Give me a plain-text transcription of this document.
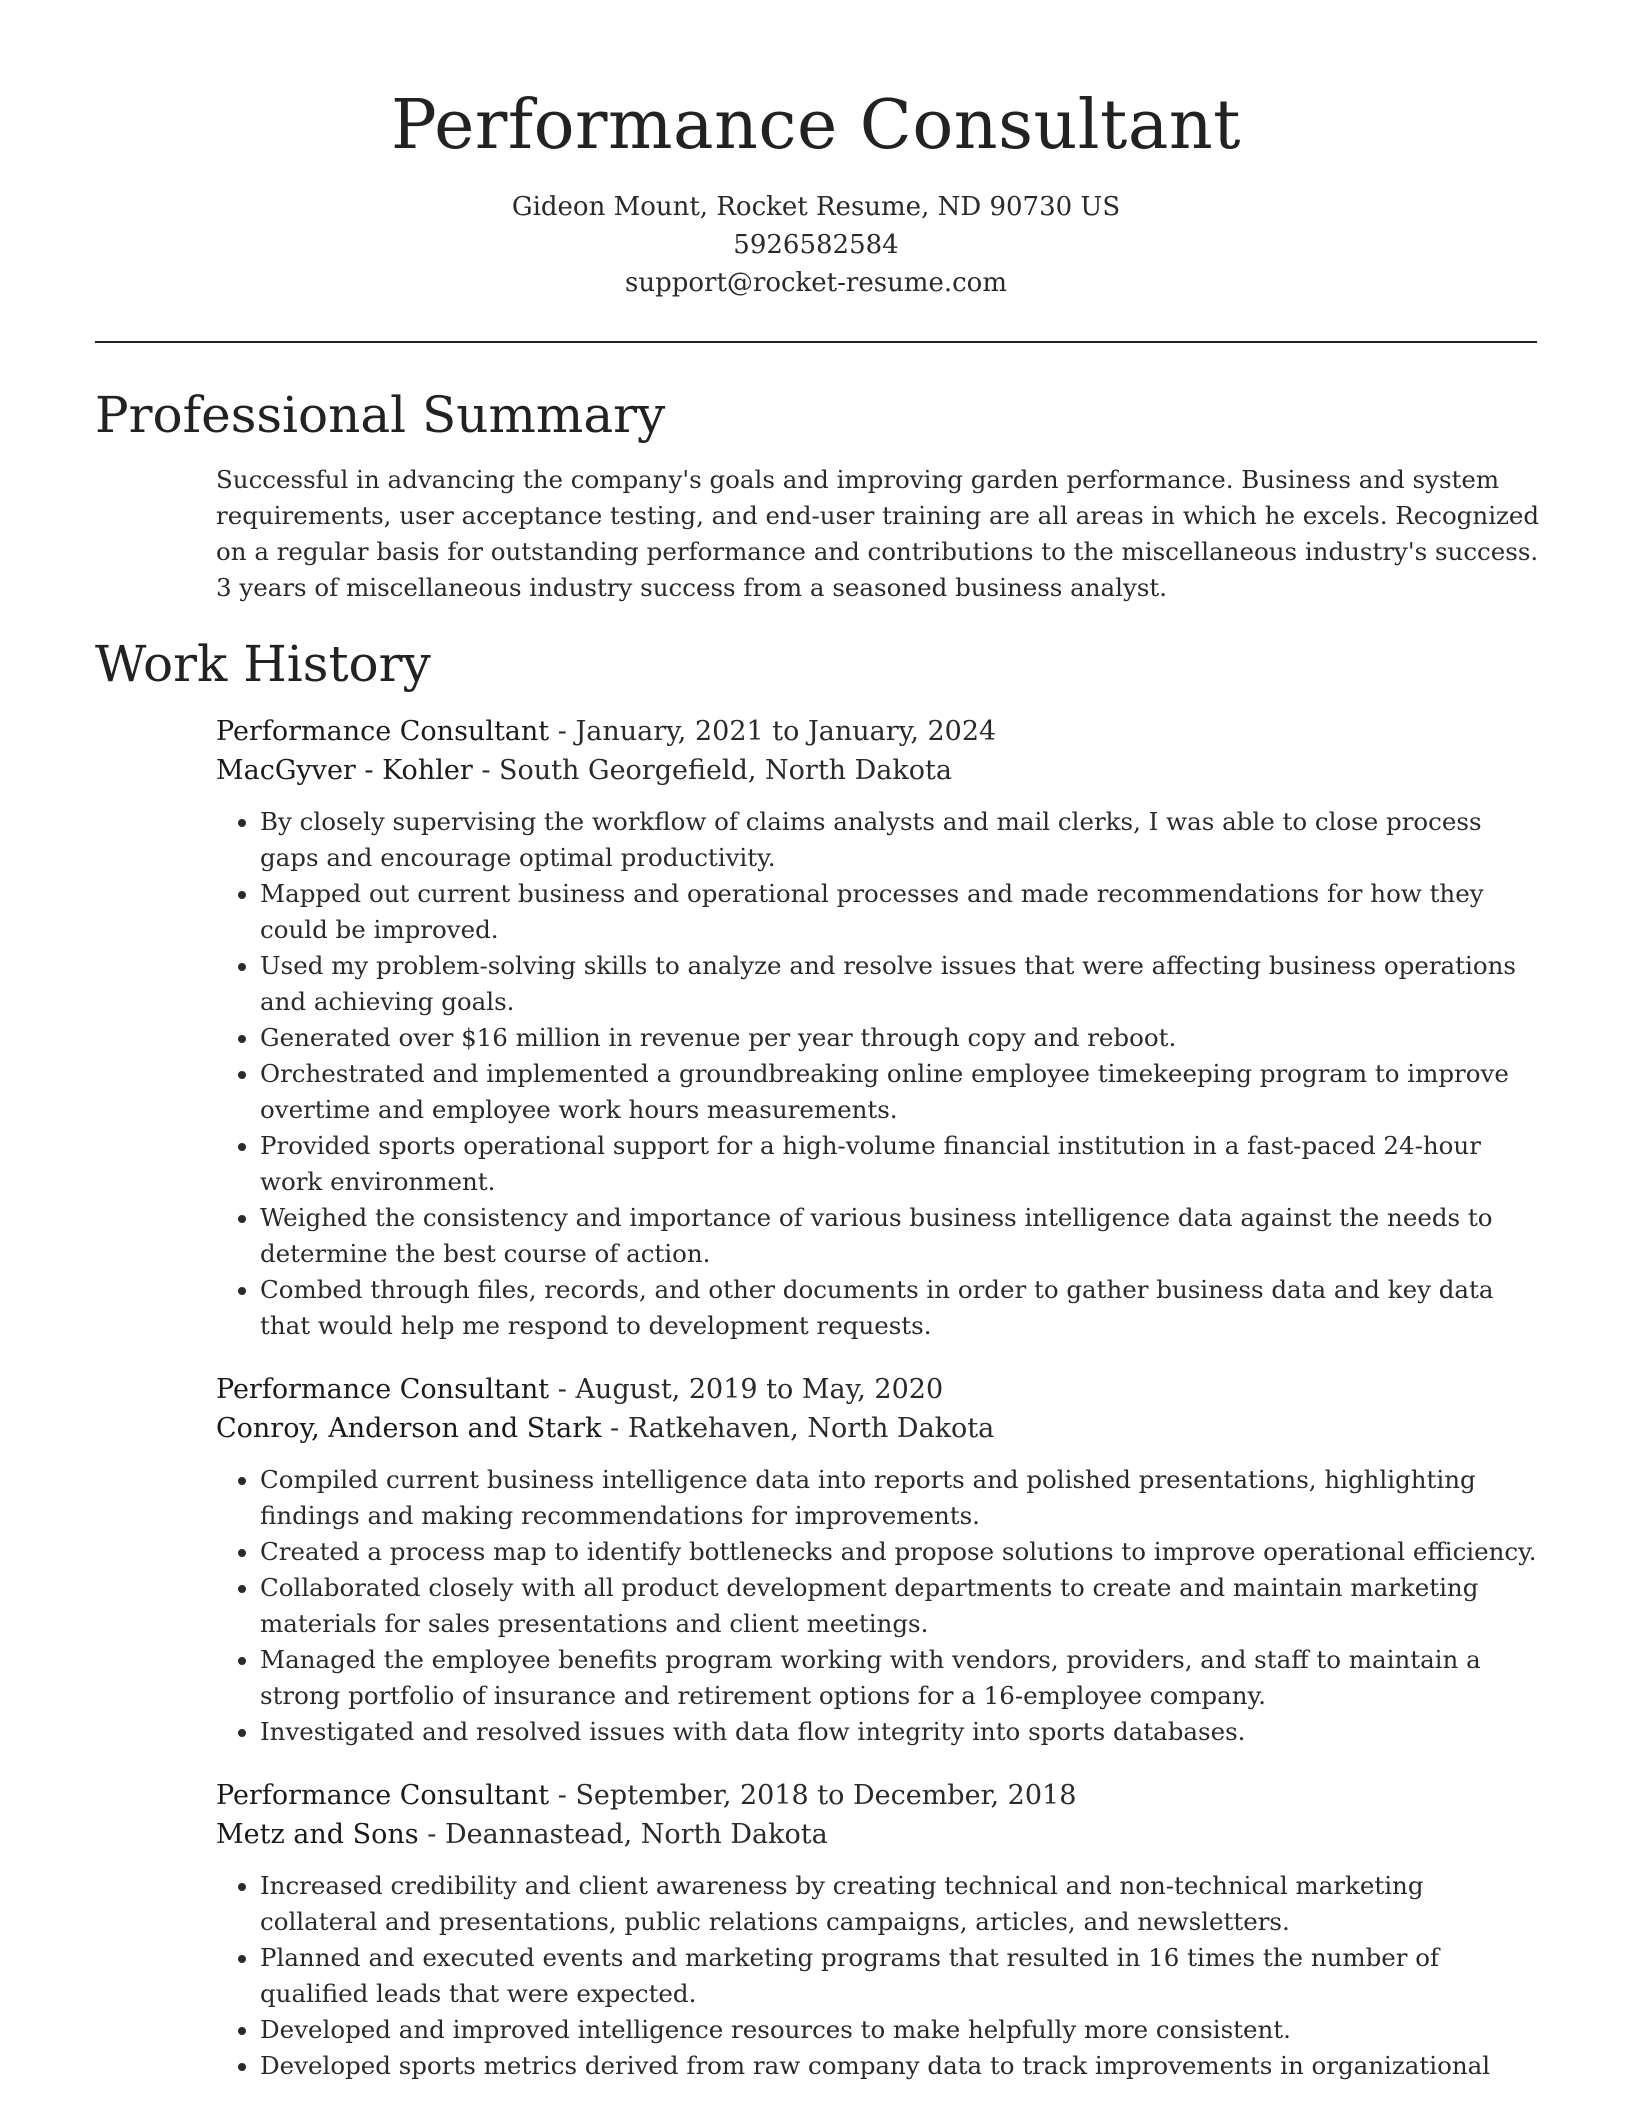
Performance Consultant
Gideon Mount, Rocket Resume, ND 90730 US
5926582584
support@rocket-resume.com
Professional Summary

Successful in advancing the company's goals and improving garden performance. Business and system requirements, user acceptance testing, and end-user training are all areas in which he excels. Recognized on a regular basis for outstanding performance and contributions to the miscellaneous industry's success. 3 years of miscellaneous industry success from a seasoned business analyst.

Work History
Performance Consultant - January, 2021 to January, 2024
MacGyver - Kohler - South Georgefield, North Dakota
• By closely supervising the workflow of claims analysts and mail clerks, I was able to close process gaps and encourage optimal productivity.
• Mapped out current business and operational processes and made recommendations for how they could be improved.
• Used my problem-solving skills to analyze and resolve issues that were affecting business operations and achieving goals.
• Generated over $16 million in revenue per year through copy and reboot.
• Orchestrated and implemented a groundbreaking online employee timekeeping program to improve overtime and employee work hours measurements.
• Provided sports operational support for a high-volume financial institution in a fast-paced 24-hour work environment.
• Weighed the consistency and importance of various business intelligence data against the needs to determine the best course of action.
• Combed through files, records, and other documents in order to gather business data and key data that would help me respond to development requests.
Performance Consultant - August, 2019 to May, 2020
Conroy, Anderson and Stark - Ratkehaven, North Dakota
• Compiled current business intelligence data into reports and polished presentations, highlighting findings and making recommendations for improvements.
• Created a process map to identify bottlenecks and propose solutions to improve operational efficiency.
• Collaborated closely with all product development departments to create and maintain marketing materials for sales presentations and client meetings.
• Managed the employee benefits program working with vendors, providers, and staff to maintain a strong portfolio of insurance and retirement options for a 16-employee company.
• Investigated and resolved issues with data flow integrity into sports databases.
Performance Consultant - September, 2018 to December, 2018
Metz and Sons - Deannastead, North Dakota
• Increased credibility and client awareness by creating technical and non-technical marketing collateral and presentations, public relations campaigns, articles, and newsletters.
• Planned and executed events and marketing programs that resulted in 16 times the number of qualified leads that were expected.
• Developed and improved intelligence resources to make helpfully more consistent.
• Developed sports metrics derived from raw company data to track improvements in organizational
